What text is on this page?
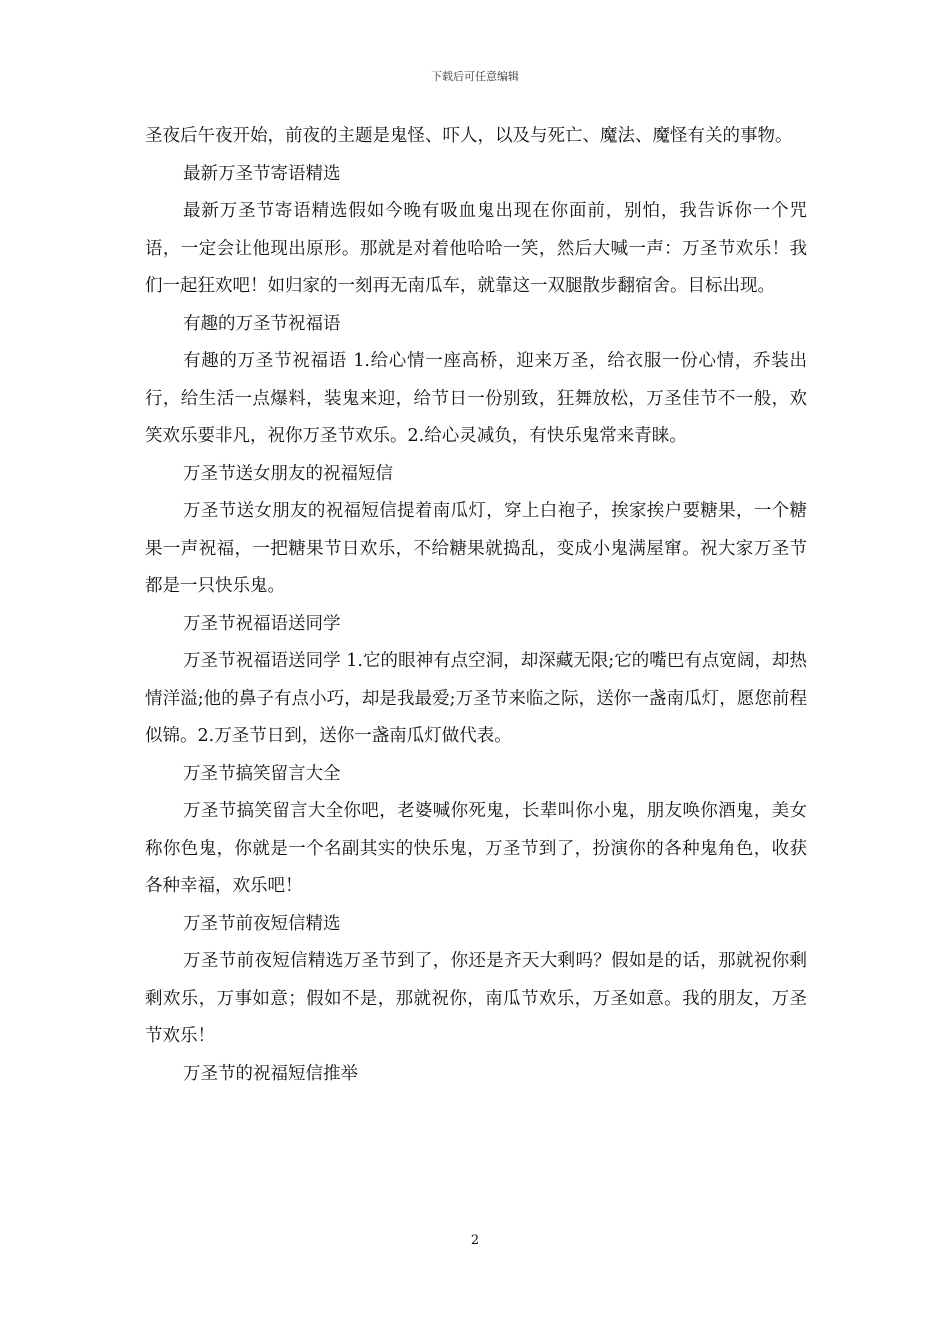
下载后可任意编辑

圣夜后午夜开始，前夜的主题是鬼怪、吓人，以及与死亡、魔法、魔怪有关的事物。

最新万圣节寄语精选

最新万圣节寄语精选假如今晚有吸血鬼出现在你面前，别怕，我告诉你一个咒语，一定会让他现出原形。那就是对着他哈哈一笑，然后大喊一声：万圣节欢乐！我们一起狂欢吧！如归家的一刻再无南瓜车，就靠这一双腿散步翻宿舍。目标出现。

有趣的万圣节祝福语

有趣的万圣节祝福语 1.给心情一座高桥，迎来万圣，给衣服一份心情，乔装出行，给生活一点爆料，装鬼来迎，给节日一份别致，狂舞放松，万圣佳节不一般，欢笑欢乐要非凡，祝你万圣节欢乐。2.给心灵减负，有快乐鬼常来青睐。

万圣节送女朋友的祝福短信

万圣节送女朋友的祝福短信提着南瓜灯，穿上白袍子，挨家挨户要糖果，一个糖果一声祝福，一把糖果节日欢乐，不给糖果就捣乱，变成小鬼满屋窜。祝大家万圣节都是一只快乐鬼。

万圣节祝福语送同学

万圣节祝福语送同学 1.它的眼神有点空洞，却深藏无限;它的嘴巴有点宽阔，却热情洋溢;他的鼻子有点小巧，却是我最爱;万圣节来临之际，送你一盏南瓜灯，愿您前程似锦。2.万圣节日到，送你一盏南瓜灯做代表。

万圣节搞笑留言大全

万圣节搞笑留言大全你吧，老婆喊你死鬼，长辈叫你小鬼，朋友唤你酒鬼，美女称你色鬼，你就是一个名副其实的快乐鬼，万圣节到了，扮演你的各种鬼角色，收获各种幸福，欢乐吧！

万圣节前夜短信精选

万圣节前夜短信精选万圣节到了，你还是齐天大剩吗？假如是的话，那就祝你剩剩欢乐，万事如意；假如不是，那就祝你，南瓜节欢乐，万圣如意。我的朋友，万圣节欢乐！

万圣节的祝福短信推举

2
